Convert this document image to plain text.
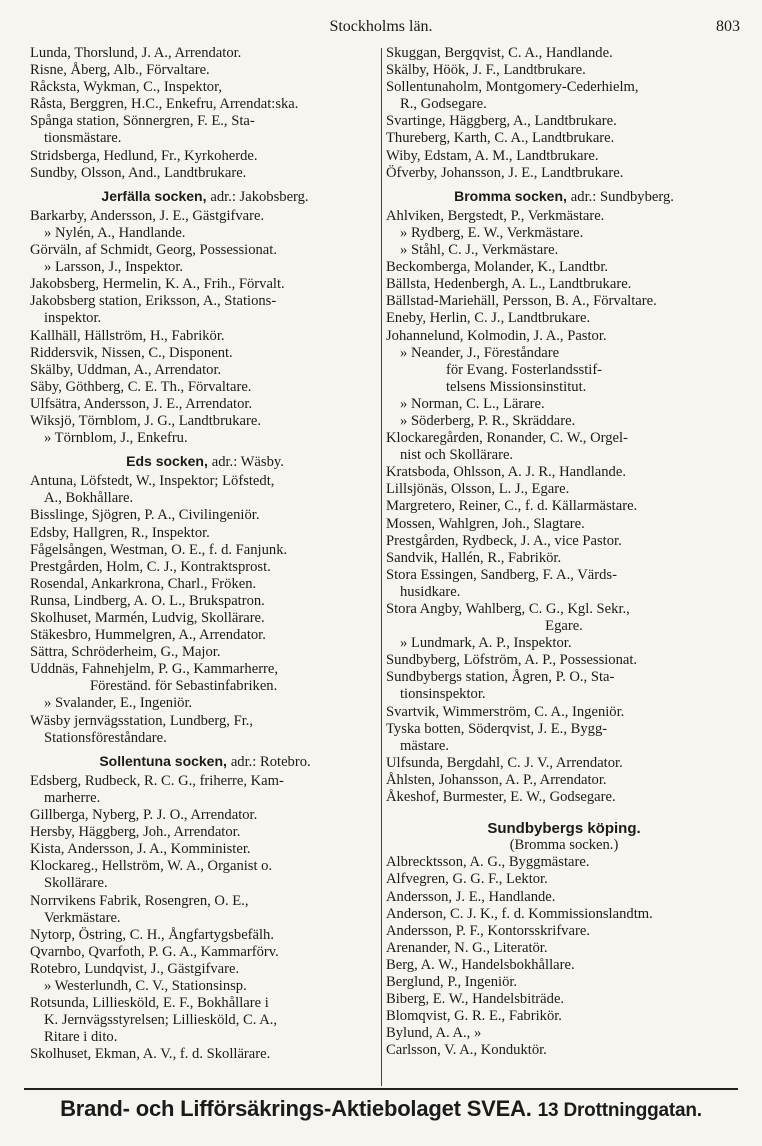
Stockholms län.	803
Lunda, Thorslund, J. A., Arrendator.
Risne, Åberg, Alb., Förvaltare.
Råcksta, Wykman, C., Inspektor,
Råsta, Berggren, H.C., Enkefru, Arrendat:ska.
Spånga station, Sönnergren, F. E., Sta-
tionsmästare.
Stridsberga, Hedlund, Fr., Kyrkoherde.
Sundby, Olsson, And., Landtbrukare.
Jerfälla socken, adr.: Jakobsberg.
Barkarby, Andersson, J. E., Gästgifvare.
» Nylén, A., Handlande.
Görväln, af Schmidt, Georg, Possessionat.
» Larsson, J., Inspektor.
Jakobsberg, Hermelin, K. A., Frih., Förvalt.
Jakobsberg station, Eriksson, A., Stations-
inspektor.
Kallhäll, Hällström, H., Fabrikör.
Riddersvik, Nissen, C., Disponent.
Skälby, Uddman, A., Arrendator.
Säby, Göthberg, C. E. Th., Förvaltare.
Ulfsätra, Andersson, J. E., Arrendator.
Wiksjö, Törnblom, J. G., Landtbrukare.
» Törnblom, J., Enkefru.
Eds socken, adr.: Wäsby.
Antuna, Löfstedt, W., Inspektor; Löfstedt,
A., Bokhållare.
Bisslinge, Sjögren, P. A., Civilingeniör.
Edsby, Hallgren, R., Inspektor.
Fågelsången, Westman, O. E., f. d. Fanjunk.
Prestgården, Holm, C. J., Kontraktsprost.
Rosendal, Ankarkrona, Charl., Fröken.
Runsa, Lindberg, A. O. L., Brukspatron.
Skolhuset, Marmén, Ludvig, Skollärare.
Stäkesbro, Hummelgren, A., Arrendator.
Sättra, Schröderheim, G., Major.
Uddnäs, Fahnehjelm, P. G., Kammarherre,
Föreständ. för Sebastinfabriken.
» Svalander, E., Ingeniör.
Wäsby jernvägsstation, Lundberg, Fr.,
Stationsföreståndare.
Sollentuna socken, adr.: Rotebro.
Edsberg, Rudbeck, R. C. G., friherre, Kam-
marherre.
Gillberga, Nyberg, P. J. O., Arrendator.
Hersby, Häggberg, Joh., Arrendator.
Kista, Andersson, J. A., Komminister.
Klockareg., Hellström, W. A., Organist o.
Skollärare.
Norrvikens Fabrik, Rosengren, O. E.,
Verkmästare.
Nytorp, Östring, C. H., Ångfartygsbefälh.
Qvarnbo, Qvarfoth, P. G. A., Kammarförv.
Rotebro, Lundqvist, J., Gästgifvare.
» Westerlundh, C. V., Stationsinsp.
Rotsunda, Lilliesköld, E. F., Bokhållare i
K. Jernvägsstyrelsen; Lilliesköld, C. A.,
Ritare i dito.
Skolhuset, Ekman, A. V., f. d. Skollärare.
Skuggan, Bergqvist, C. A., Handlande.
Skälby, Höök, J. F., Landtbrukare.
Sollentunaholm, Montgomery-Cederhielm,
R., Godsegare.
Svartinge, Häggberg, A., Landtbrukare.
Thureberg, Karth, C. A., Landtbrukare.
Wiby, Edstam, A. M., Landtbrukare.
Öfverby, Johansson, J. E., Landtbrukare.
Bromma socken, adr.: Sundbyberg.
Ahlviken, Bergstedt, P., Verkmästare.
» Rydberg, E. W., Verkmästare.
» Ståhl, C. J., Verkmästare.
Beckomberga, Molander, K., Landtbr.
Bällsta, Hedenbergh, A. L., Landtbrukare.
Bällstad-Mariehäll, Persson, B. A., Förvaltare.
Eneby, Herlin, C. J., Landtbrukare.
Johannelund, Kolmodin, J. A., Pastor.
» Neander, J., Föreståndare
för Evang. Fosterlandsstif-
telsens Missionsinstitut.
» Norman, C. L., Lärare.
» Söderberg, P. R., Skräddare.
Klockaregården, Ronander, C. W., Orgel-
nist och Skollärare.
Kratsboda, Ohlsson, A. J. R., Handlande.
Lillsjönäs, Olsson, L. J., Egare.
Margretero, Reiner, C., f. d. Källarmästare.
Mossen, Wahlgren, Joh., Slagtare.
Prestgården, Rydbeck, J. A., vice Pastor.
Sandvik, Hallén, R., Fabrikör.
Stora Essingen, Sandberg, F. A., Värds-
husidkare.
Stora Angby, Wahlberg, C. G., Kgl. Sekr.,
Egare.
» Lundmark, A. P., Inspektor.
Sundbyberg, Löfström, A. P., Possessionat.
Sundbybergs station, Ågren, P. O., Sta-
tionsinspektor.
Svartvik, Wimmerström, C. A., Ingeniör.
Tyska botten, Söderqvist, J. E., Bygg-
mästare.
Ulfsunda, Bergdahl, C. J. V., Arrendator.
Åhlsten, Johansson, A. P., Arrendator.
Åkeshof, Burmester, E. W., Godsegare.
Sundbybergs köping.
(Bromma socken.)
Albrecktsson, A. G., Byggmästare.
Alfvegren, G. G. F., Lektor.
Andersson, J. E., Handlande.
Anderson, C. J. K., f. d. Kommissionslandtm.
Andersson, P. F., Kontorsskrifvare.
Arenander, N. G., Literatör.
Berg, A. W., Handelsbokhållare.
Berglund, P., Ingeniör.
Biberg, E. W., Handelsbiträde.
Blomqvist, G. R. E., Fabrikör.
Bylund, A. A., »
Carlsson, V. A., Konduktör.
Brand- och Lifförsäkrings-Aktiebolaget SVEA. 13 Drottninggatan.
